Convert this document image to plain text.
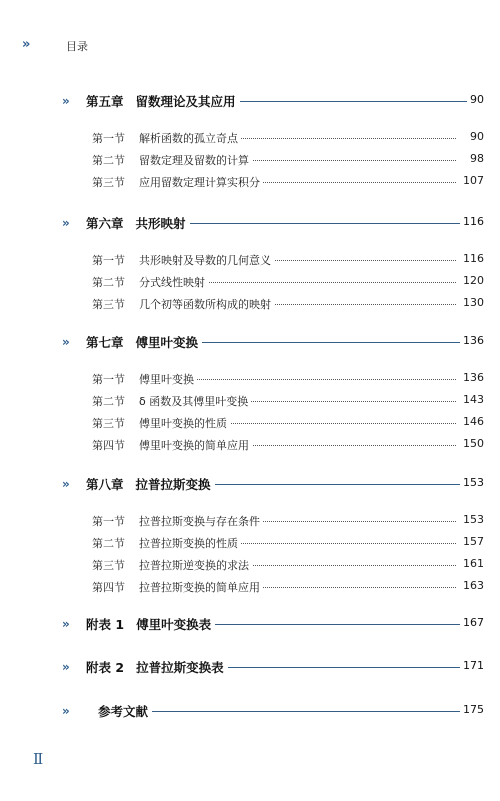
»	目录
» 第五章 留数理论及其应用	90
第一节 解析函数的孤立奇点	90
第二节 留数定理及留数的计算	98
第三节 应用留数定理计算实积分	107
» 第六章 共形映射	116
第一节 共形映射及导数的几何意义	116
第二节 分式线性映射	120
第三节 几个初等函数所构成的映射	130
» 第七章 傅里叶变换	136
第一节 傅里叶变换	136
第二节 δ 函数及其傅里叶变换	143
第三节 傅里叶变换的性质	146
第四节 傅里叶变换的简单应用	150
» 第八章 拉普拉斯变换	153
第一节 拉普拉斯变换与存在条件	153
第二节 拉普拉斯变换的性质	157
第三节 拉普拉斯逆变换的求法	161
第四节 拉普拉斯变换的简单应用	163
» 附表 1 傅里叶变换表	167
» 附表 2 拉普拉斯变换表	171
»	参考文献	175
Ⅱ
